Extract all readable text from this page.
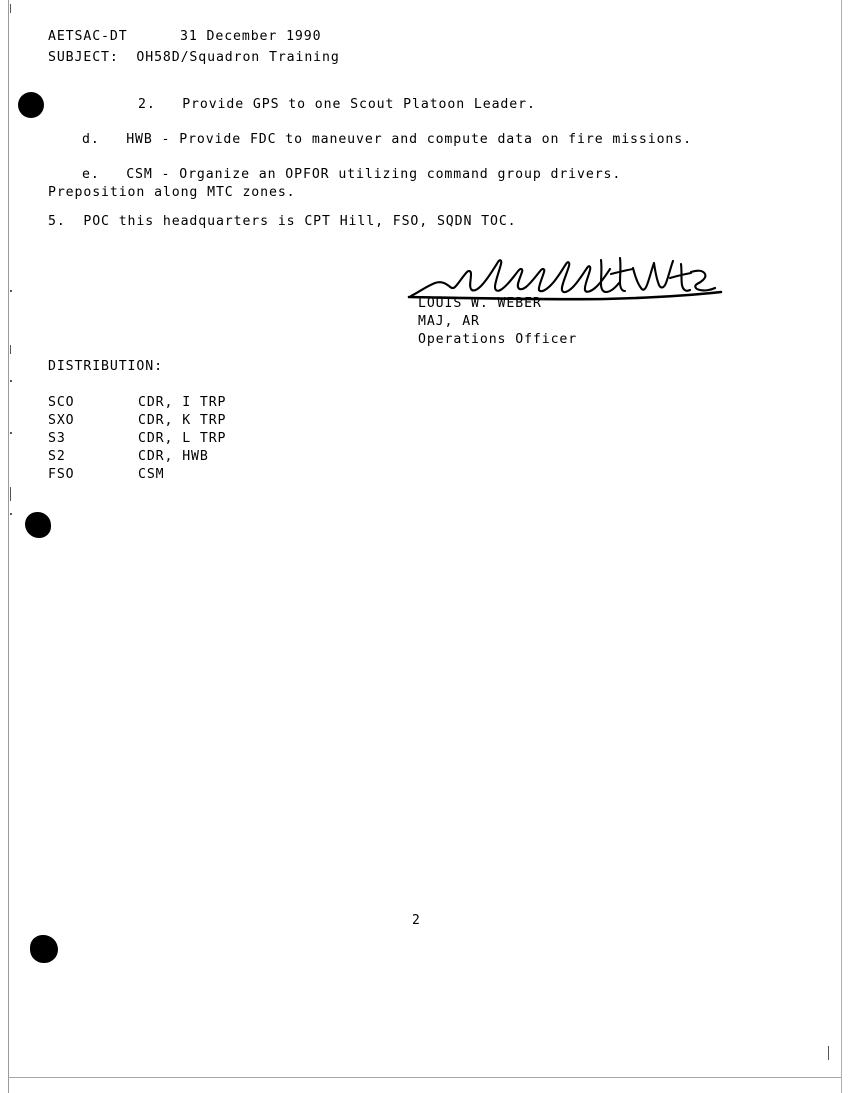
AETSAC-DT	31 December 1990
SUBJECT:  OH58D/Squadron Training
2.   Provide GPS to one Scout Platoon Leader.
d.   HWB - Provide FDC to maneuver and compute data on fire missions.
e.   CSM - Organize an OPFOR utilizing command group drivers.
Preposition along MTC zones.
5.  POC this headquarters is CPT Hill, FSO, SQDN TOC.
LOUIS W. WEBER
MAJ, AR
Operations Officer
DISTRIBUTION:
SCO
SXO
S3
S2
FSO
CDR, I TRP
CDR, K TRP
CDR, L TRP
CDR, HWB
CSM
2
